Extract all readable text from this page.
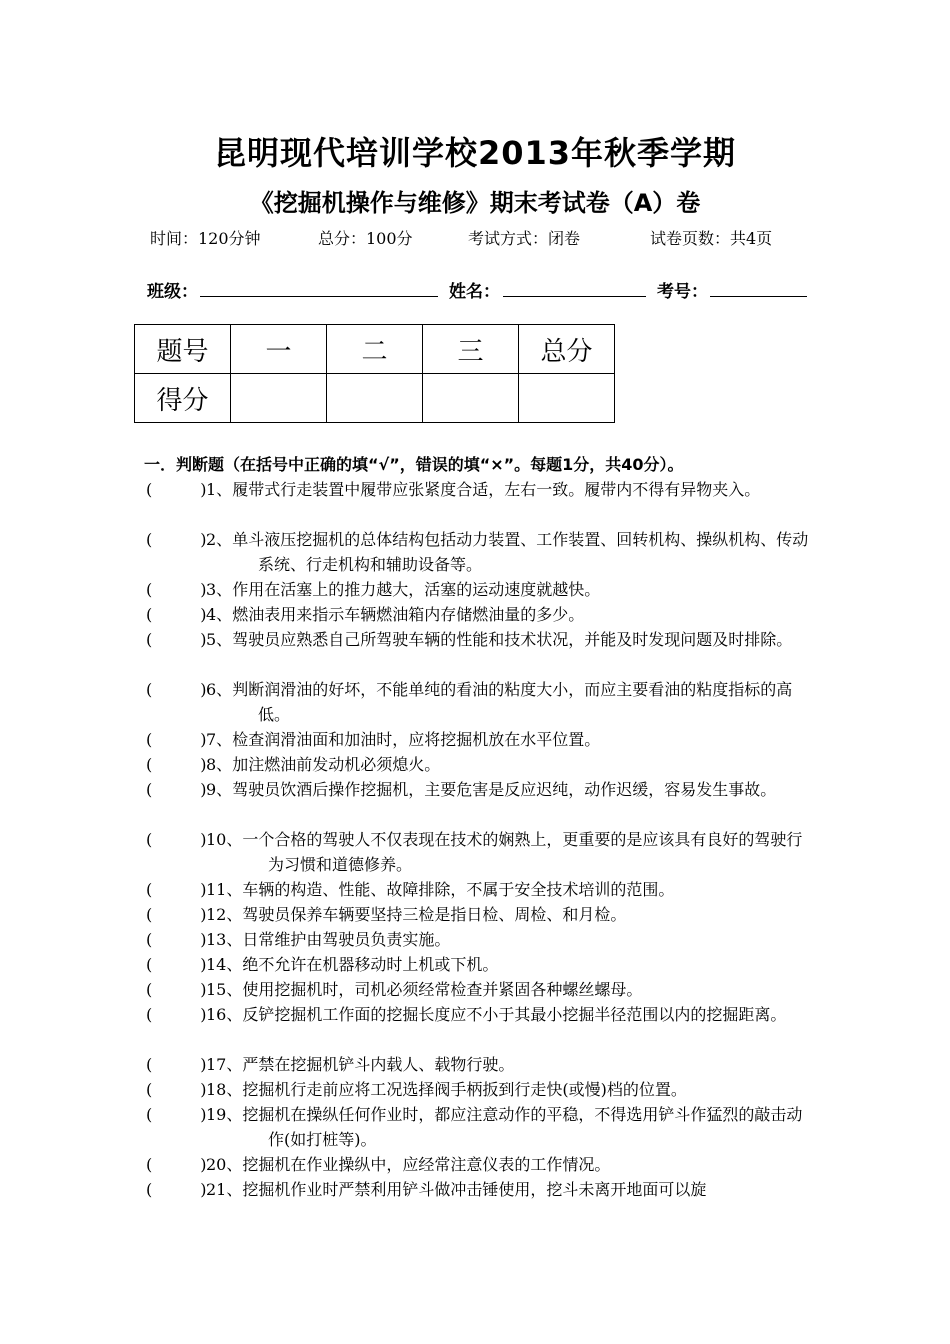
昆明现代培训学校2013年秋季学期
《挖掘机操作与维修》期末考试卷（A）卷
时间：120分钟	总分：100分	考试方式：闭卷	试卷页数：共4页
班级：	姓名：	考号：
题号	一	二	三	总分
得分				
一．判断题（在括号中正确的填“√”，错误的填“×”。每题1分，共40分）。
(　　　) 1、履带式行走装置中履带应张紧度合适，左右一致。履带内不得有异物夹入。
(　　　) 2、单斗液压挖掘机的总体结构包括动力装置、工作装置、回转机构、操纵机构、传动系统、行走机构和辅助设备等。
(　　　) 3、作用在活塞上的推力越大，活塞的运动速度就越快。
(　　　) 4、燃油表用来指示车辆燃油箱内存储燃油量的多少。
(　　　) 5、驾驶员应熟悉自己所驾驶车辆的性能和技术状况，并能及时发现问题及时排除。
(　　　) 6、判断润滑油的好坏，不能单纯的看油的粘度大小，而应主要看油的粘度指标的高低。
(　　　) 7、检查润滑油面和加油时，应将挖掘机放在水平位置。
(　　　) 8、加注燃油前发动机必须熄火。
(　　　) 9、驾驶员饮酒后操作挖掘机，主要危害是反应迟纯，动作迟缓，容易发生事故。
(　　　) 10、一个合格的驾驶人不仅表现在技术的娴熟上，更重要的是应该具有良好的驾驶行为习惯和道德修养。
(　　　) 11、车辆的构造、性能、故障排除，不属于安全技术培训的范围。
(　　　) 12、驾驶员保养车辆要坚持三检是指日检、周检、和月检。
(　　　) 13、日常维护由驾驶员负责实施。
(　　　) 14、绝不允许在机器移动时上机或下机。
(　　　) 15、使用挖掘机时，司机必须经常检查并紧固各种螺丝螺母。
(　　　) 16、反铲挖掘机工作面的挖掘长度应不小于其最小挖掘半径范围以内的挖掘距离。
(　　　) 17、严禁在挖掘机铲斗内载人、载物行驶。
(　　　) 18、挖掘机行走前应将工况选择阀手柄扳到行走快(或慢)档的位置。
(　　　) 19、挖掘机在操纵任何作业时，都应注意动作的平稳，不得选用铲斗作猛烈的敲击动作(如打桩等)。
(　　　) 20、挖掘机在作业操纵中，应经常注意仪表的工作情况。
(　　　) 21、挖掘机作业时严禁利用铲斗做冲击锤使用，挖斗未离开地面可以旋
